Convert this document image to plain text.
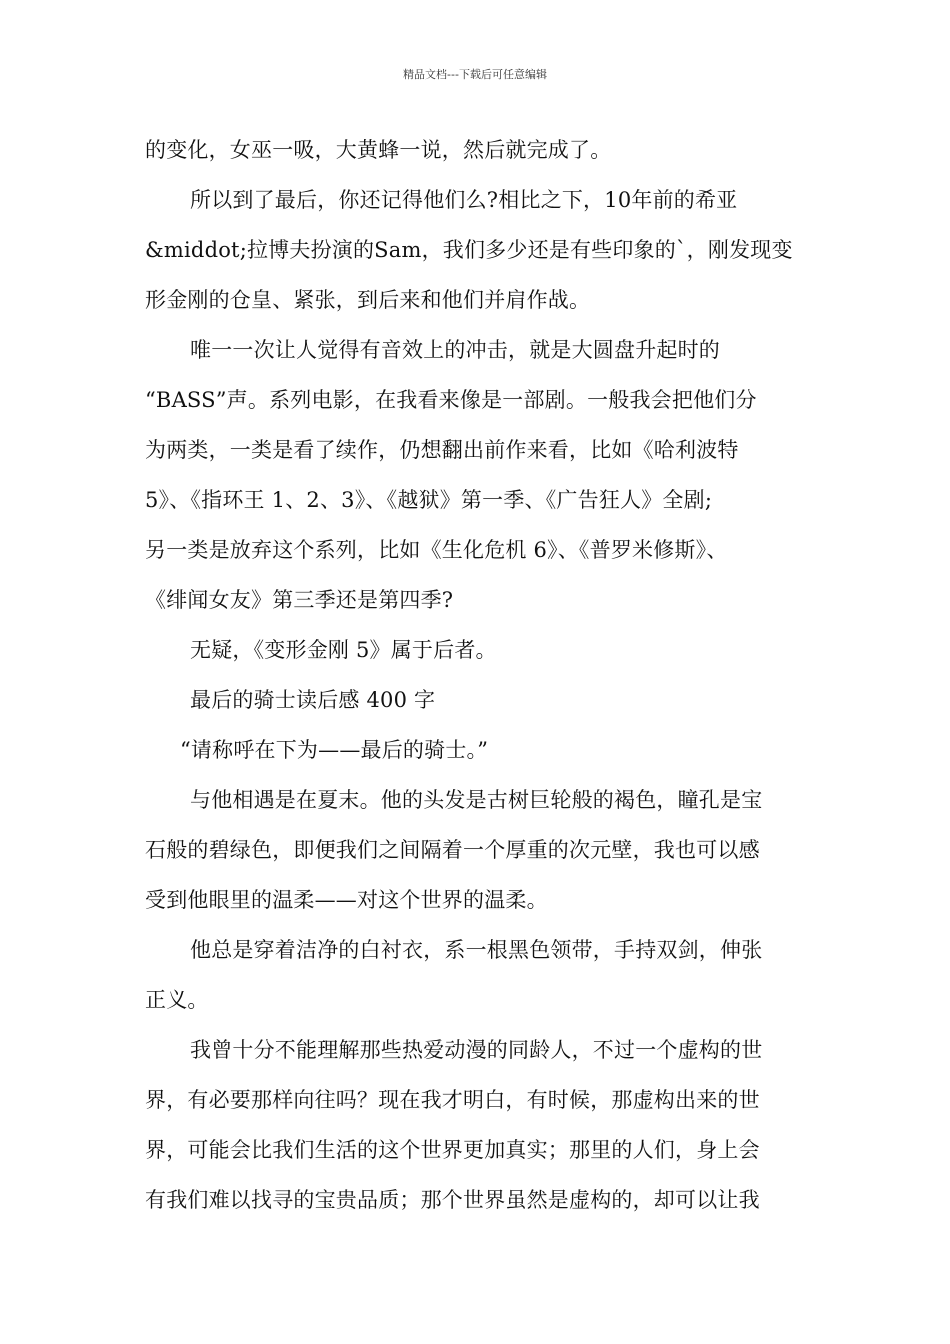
精品文档---下载后可任意编辑
的变化，女巫一吸，大黄蜂一说，然后就完成了。
所以到了最后，你还记得他们么?相比之下，10年前的希亚
&middot;拉博夫扮演的Sam，我们多少还是有些印象的`，刚发现变
形金刚的仓皇、紧张，到后来和他们并肩作战。
唯一一次让人觉得有音效上的冲击，就是大圆盘升起时的
“BASS”声。系列电影，在我看来像是一部剧。一般我会把他们分
为两类，一类是看了续作，仍想翻出前作来看，比如《哈利波特
5》、《指环王 1、2、3》、《越狱》第一季、《广告狂人》全剧;
另一类是放弃这个系列，比如《生化危机 6》、《普罗米修斯》、
《绯闻女友》第三季还是第四季?
无疑，《变形金刚 5》属于后者。
最后的骑士读后感 400 字
“请称呼在下为——最后的骑士。”
与他相遇是在夏末。他的头发是古树巨轮般的褐色，瞳孔是宝
石般的碧绿色，即便我们之间隔着一个厚重的次元壁，我也可以感
受到他眼里的温柔——对这个世界的温柔。
他总是穿着洁净的白衬衣，系一根黑色领带，手持双剑，伸张
正义。
我曾十分不能理解那些热爱动漫的同龄人，不过一个虚构的世
界，有必要那样向往吗？现在我才明白，有时候，那虚构出来的世
界，可能会比我们生活的这个世界更加真实；那里的人们，身上会
有我们难以找寻的宝贵品质；那个世界虽然是虚构的，却可以让我
